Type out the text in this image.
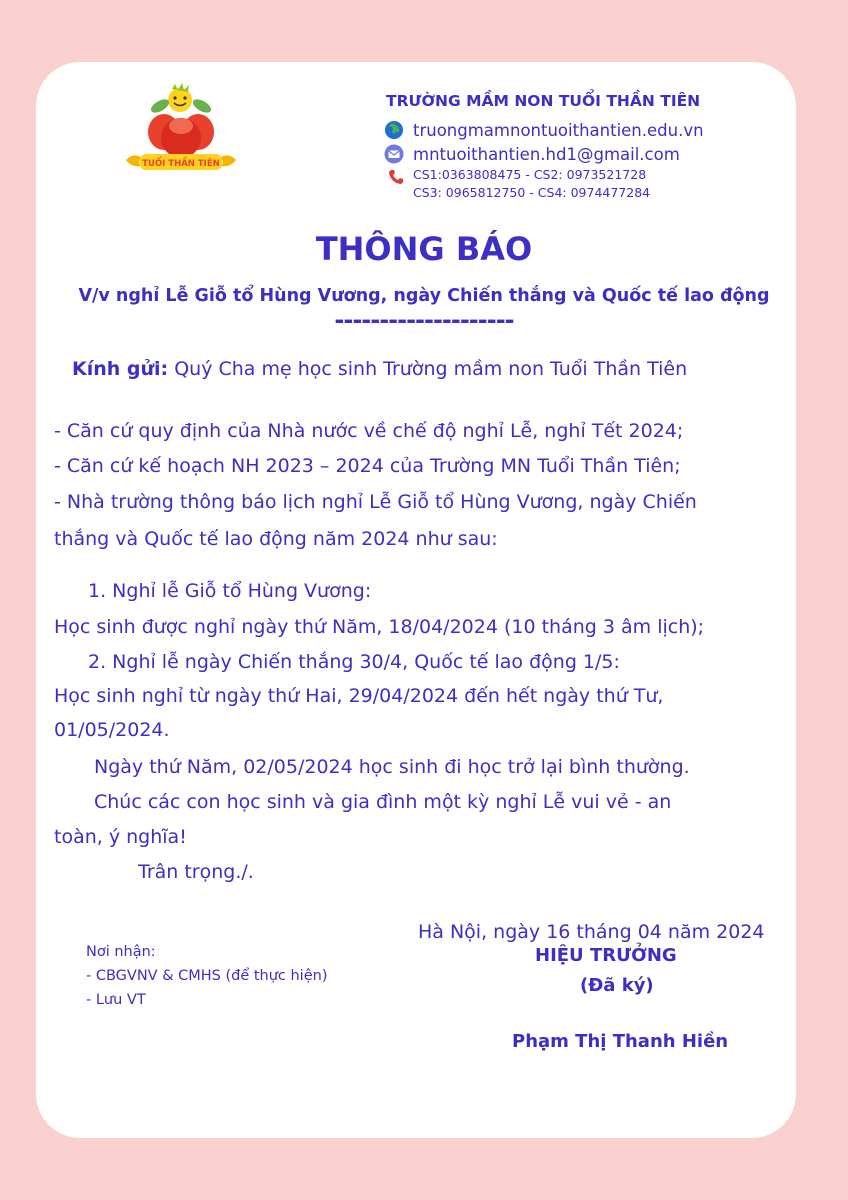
TUỔI THẦN TIÊN
TRƯỜNG MẦM NON TUỔI THẦN TIÊN
truongmamnontuoithantien.edu.vn
mntuoithantien.hd1@gmail.com
CS1:0363808475 - CS2: 0973521728
CS3: 0965812750 - CS4: 0974477284
THÔNG BÁO
V/v nghỉ Lễ Giỗ tổ Hùng Vương, ngày Chiến thắng và Quốc tế lao động
--------------------
Kính gửi: Quý Cha mẹ học sinh Trường mầm non Tuổi Thần Tiên
- Căn cứ quy định của Nhà nước về chế độ nghỉ Lễ, nghỉ Tết 2024;
- Căn cứ kế hoạch NH 2023 – 2024 của Trường MN Tuổi Thần Tiên;
- Nhà trường thông báo lịch nghỉ Lễ Giỗ tổ Hùng Vương, ngày Chiến
thắng và Quốc tế lao động năm 2024 như sau:
1. Nghỉ lễ Giỗ tổ Hùng Vương:
Học sinh được nghỉ ngày thứ Năm, 18/04/2024 (10 tháng 3 âm lịch);
2. Nghỉ lễ ngày Chiến thắng 30/4, Quốc tế lao động 1/5:
Học sinh nghỉ từ ngày thứ Hai, 29/04/2024 đến hết ngày thứ Tư,
01/05/2024.
Ngày thứ Năm, 02/05/2024 học sinh đi học trở lại bình thường.
Chúc các con học sinh và gia đình một kỳ nghỉ Lễ vui vẻ - an
toàn, ý nghĩa!
Trân trọng./.
Hà Nội, ngày 16 tháng 04 năm 2024
HIỆU TRƯỞNG
(Đã ký)
Phạm Thị Thanh Hiền
Nơi nhận:
- CBGVNV & CMHS (để thực hiện)
- Lưu VT
